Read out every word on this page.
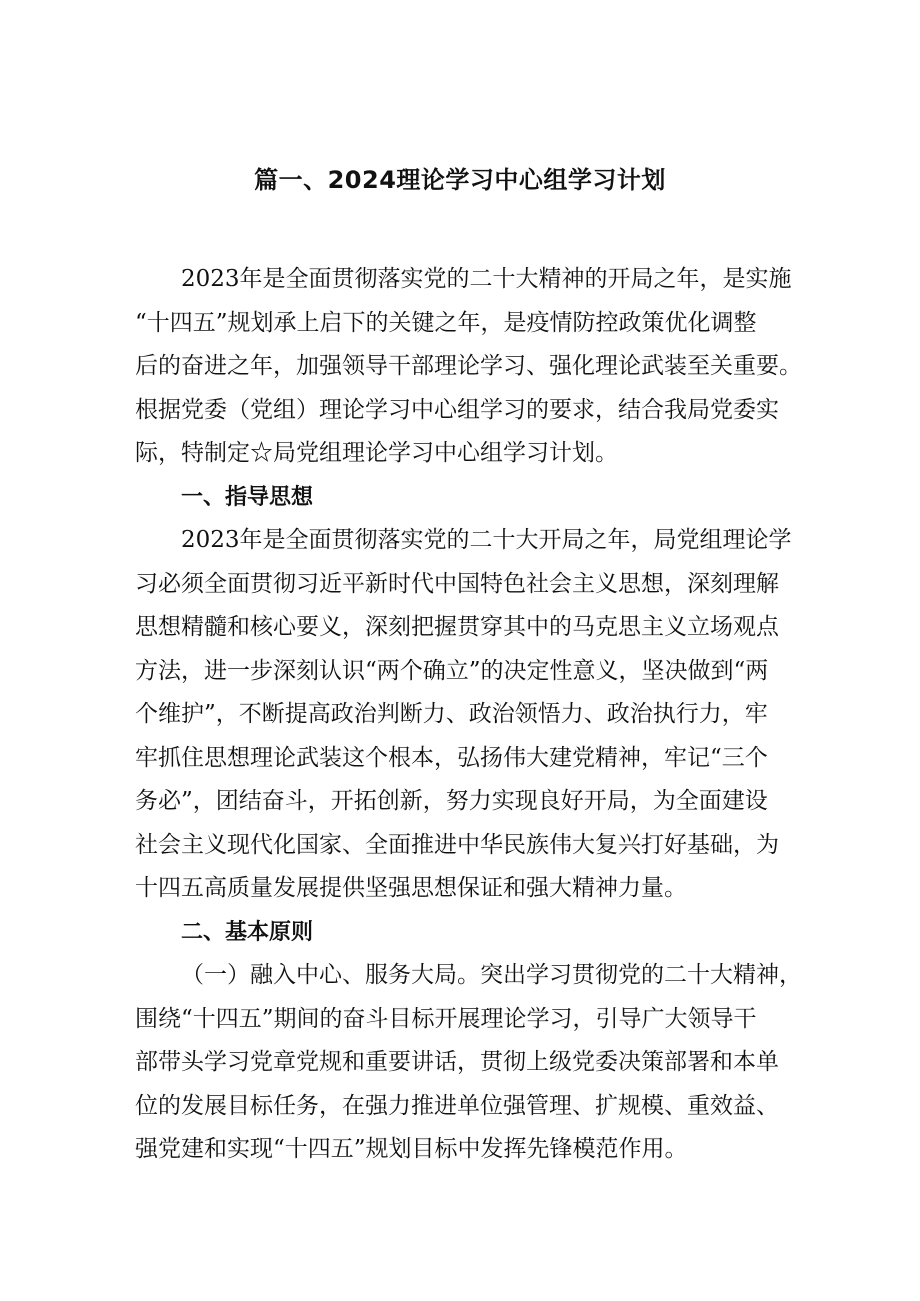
篇一、2024理论学习中心组学习计划

2023年是全面贯彻落实党的二十大精神的开局之年，是实施
“十四五”规划承上启下的关键之年，是疫情防控政策优化调整
后的奋进之年，加强领导干部理论学习、强化理论武装至关重要。
根据党委（党组）理论学习中心组学习的要求，结合我局党委实
际，特制定☆局党组理论学习中心组学习计划。

一、指导思想

2023年是全面贯彻落实党的二十大开局之年，局党组理论学
习必须全面贯彻习近平新时代中国特色社会主义思想，深刻理解
思想精髓和核心要义，深刻把握贯穿其中的马克思主义立场观点
方法，进一步深刻认识“两个确立”的决定性意义，坚决做到“两
个维护”，不断提高政治判断力、政治领悟力、政治执行力，牢
牢抓住思想理论武装这个根本，弘扬伟大建党精神，牢记“三个
务必”，团结奋斗，开拓创新，努力实现良好开局，为全面建设
社会主义现代化国家、全面推进中华民族伟大复兴打好基础，为
十四五高质量发展提供坚强思想保证和强大精神力量。

二、基本原则

（一）融入中心、服务大局。突出学习贯彻党的二十大精神，
围绕“十四五”期间的奋斗目标开展理论学习，引导广大领导干
部带头学习党章党规和重要讲话，贯彻上级党委决策部署和本单
位的发展目标任务，在强力推进单位强管理、扩规模、重效益、
强党建和实现“十四五”规划目标中发挥先锋模范作用。
